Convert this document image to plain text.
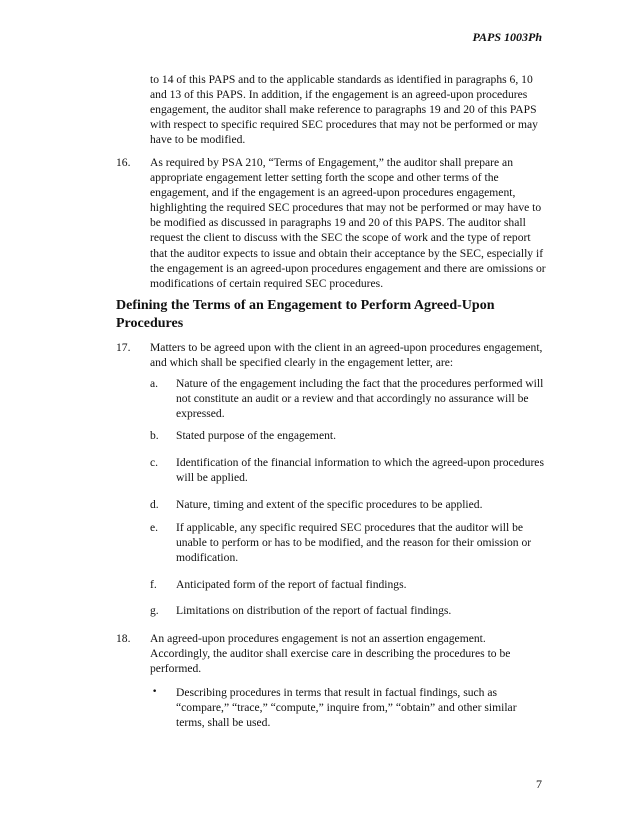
PAPS 1003Ph
to 14 of this PAPS and to the applicable standards as identified in paragraphs 6, 10 and 13 of this PAPS. In addition, if the engagement is an agreed-upon procedures engagement, the auditor shall make reference to paragraphs 19 and 20 of this PAPS with respect to specific required SEC procedures that may not be performed or may have to be modified.
16.	As required by PSA 210, “Terms of Engagement,” the auditor shall prepare an appropriate engagement letter setting forth the scope and other terms of the engagement, and if the engagement is an agreed-upon procedures engagement, highlighting the required SEC procedures that may not be performed or may have to be modified as discussed in paragraphs 19 and 20 of this PAPS. The auditor shall request the client to discuss with the SEC the scope of work and the type of report that the auditor expects to issue and obtain their acceptance by the SEC, especially if the engagement is an agreed-upon procedures engagement and there are omissions or modifications of certain required SEC procedures.
Defining the Terms of an Engagement to Perform Agreed-Upon Procedures
17.	Matters to be agreed upon with the client in an agreed-upon procedures engagement, and which shall be specified clearly in the engagement letter, are:
a.	Nature of the engagement including the fact that the procedures performed will not constitute an audit or a review and that accordingly no assurance will be expressed.
b.	Stated purpose of the engagement.
c.	Identification of the financial information to which the agreed-upon procedures will be applied.
d.	Nature, timing and extent of the specific procedures to be applied.
e.	If applicable, any specific required SEC procedures that the auditor will be unable to perform or has to be modified, and the reason for their omission or modification.
f.	Anticipated form of the report of factual findings.
g.	Limitations on distribution of the report of factual findings.
18.	An agreed-upon procedures engagement is not an assertion engagement. Accordingly, the auditor shall exercise care in describing the procedures to be performed.
•	Describing procedures in terms that result in factual findings, such as “compare,” “trace,” “compute,” inquire from,” “obtain” and other similar terms, shall be used.
7
